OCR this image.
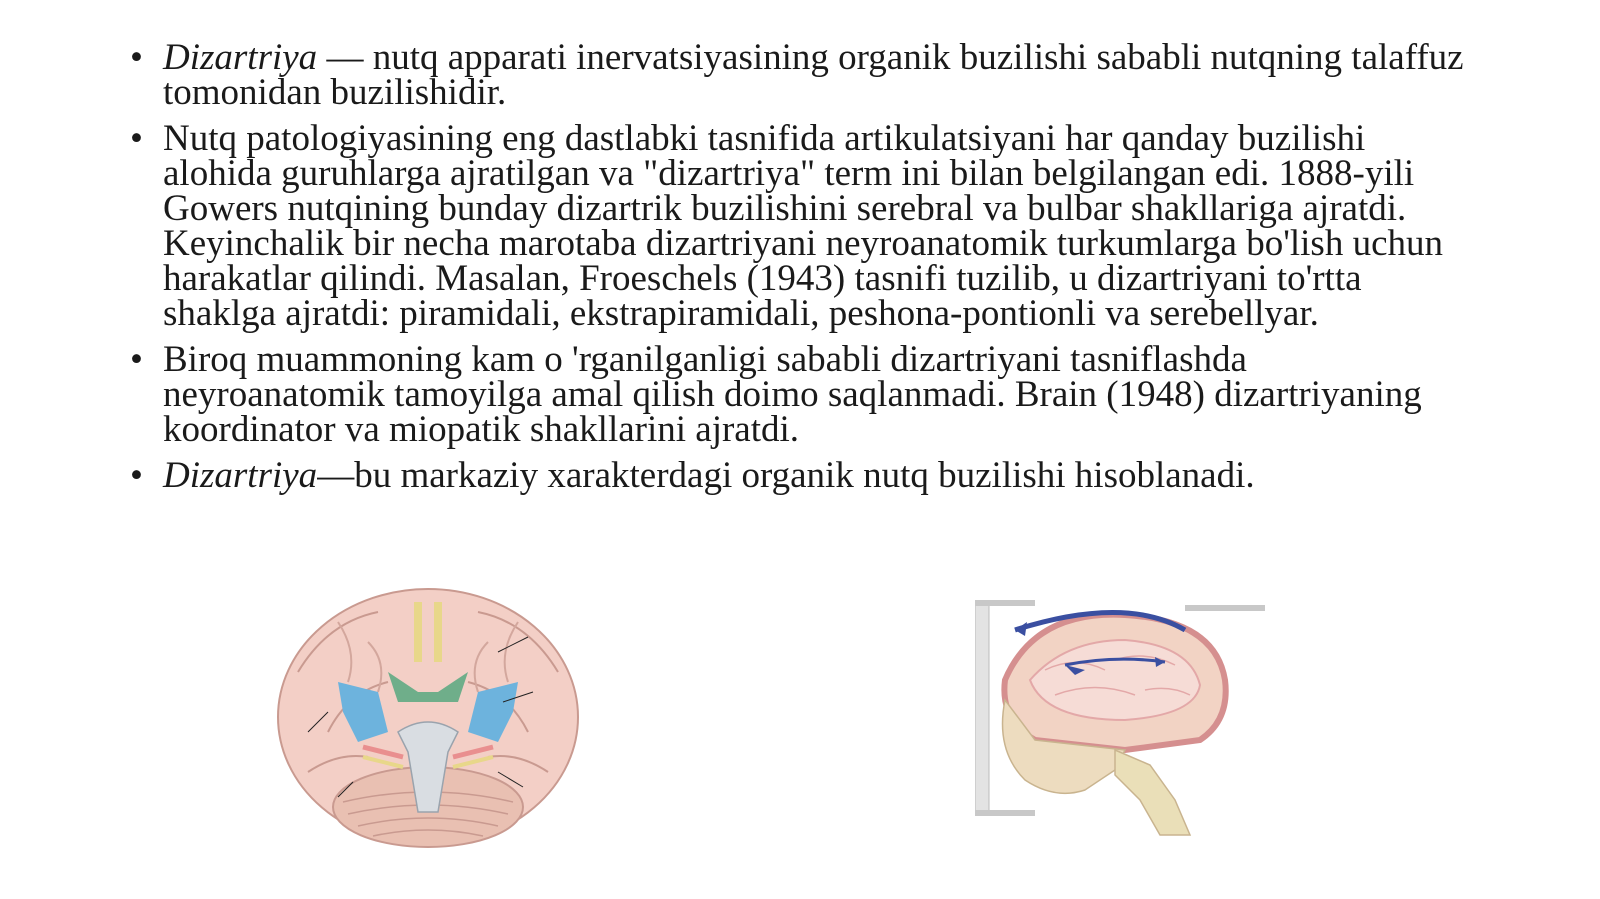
• Dizartriya — nutq apparati inervatsiyasining organik buzilishi sababli nutqning talaffuz tomonidan buzilishidir.
• Nutq patologiyasining eng dastlabki tasnifida artikulatsiyani har qanday buzilishi alohida guruhlarga ajratilgan va "dizartriya" term ini bilan belgilangan edi. 1888-yili Gowers nutqining bunday dizartrik buzilishini serebral va bulbar shakllariga ajratdi. Keyinchalik bir necha marotaba dizartriyani neyroanatomik turkumlarga bo'lish uchun harakatlar qilindi. Masalan, Froeschels (1943) tasnifi tuzilib, u dizartriyani to'rtta shaklga ajratdi: piramidali, ekstrapiramidali, peshona-pontionli va serebellyar.
• Biroq muammoning kam o 'rganilganligi sababli dizartriyani tasniflashda neyroanatomik tamoyilga amal qilish doimo saqlanmadi. Brain (1948) dizartriyaning koordinator va miopatik shakllarini ajratdi.
• Dizartriya—bu markaziy xarakterdagi organik nutq buzilishi hisoblanadi.
